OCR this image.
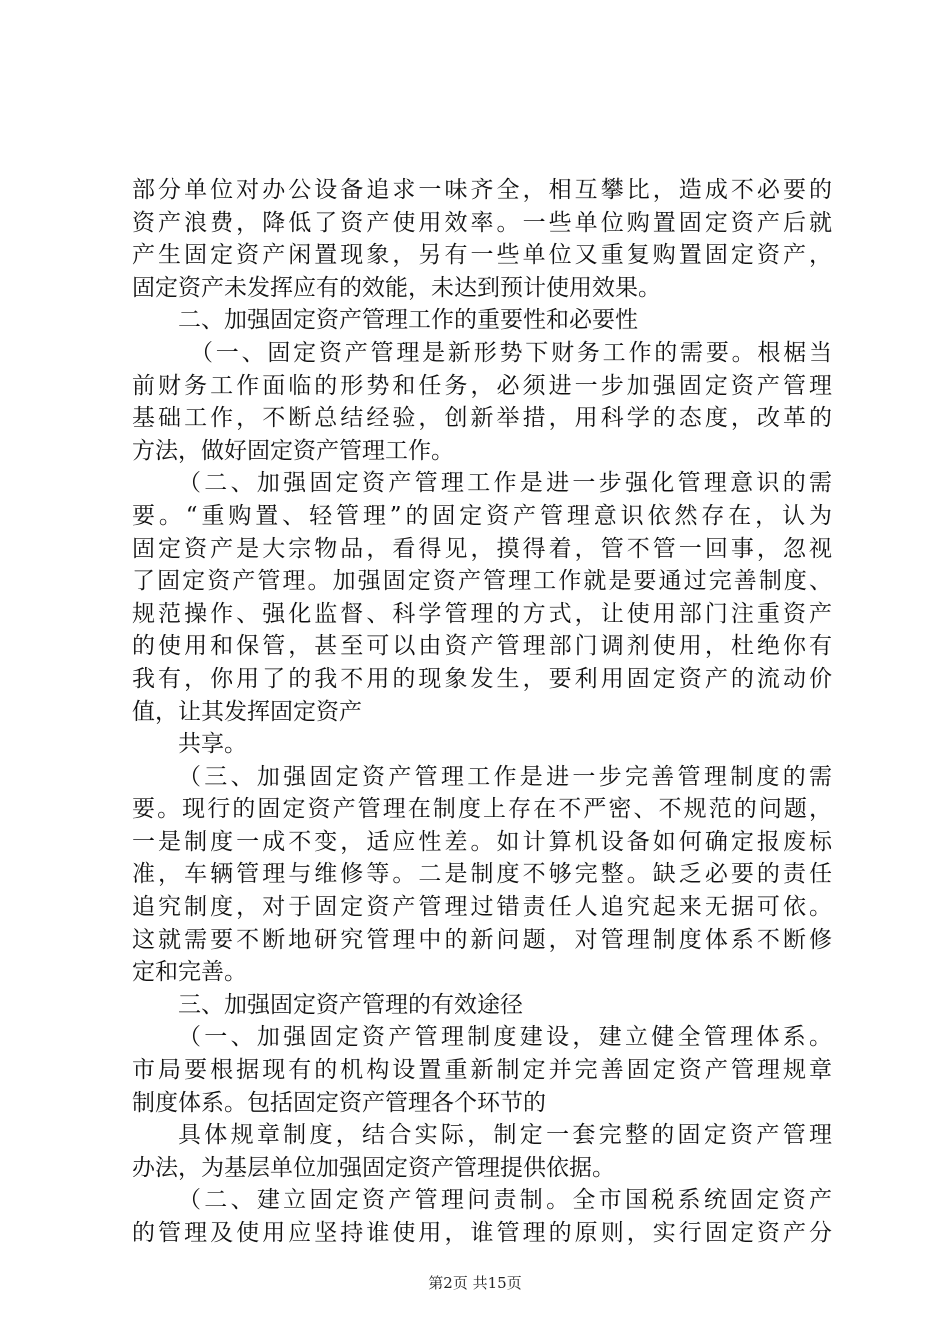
部分单位对办公设备追求一味齐全，相互攀比，造成不必要的
资产浪费，降低了资产使用效率。一些单位购置固定资产后就
产生固定资产闲置现象，另有一些单位又重复购置固定资产，
固定资产未发挥应有的效能，未达到预计使用效果。
二、加强固定资产管理工作的重要性和必要性
（一、固定资产管理是新形势下财务工作的需要。根椐当
前财务工作面临的形势和任务，必须进一步加强固定资产管理
基础工作，不断总结经验，创新举措，用科学的态度，改革的
方法，做好固定资产管理工作。
（二、加强固定资产管理工作是进一步强化管理意识的需
要。“重购置、轻管理”的固定资产管理意识依然存在，认为
固定资产是大宗物品，看得见，摸得着，管不管一回事，忽视
了固定资产管理。加强固定资产管理工作就是要通过完善制度、
规范操作、强化监督、科学管理的方式，让使用部门注重资产
的使用和保管，甚至可以由资产管理部门调剂使用，杜绝你有
我有，你用了的我不用的现象发生，要利用固定资产的流动价
值，让其发挥固定资产
共享。
（三、加强固定资产管理工作是进一步完善管理制度的需
要。现行的固定资产管理在制度上存在不严密、不规范的问题，
一是制度一成不变，适应性差。如计算机设备如何确定报废标
准，车辆管理与维修等。二是制度不够完整。缺乏必要的责任
追究制度，对于固定资产管理过错责任人追究起来无据可依。
这就需要不断地研究管理中的新问题，对管理制度体系不断修
定和完善。
三、加强固定资产管理的有效途径
（一、加强固定资产管理制度建设，建立健全管理体系。
市局要根据现有的机构设置重新制定并完善固定资产管理规章
制度体系。包括固定资产管理各个环节的
具体规章制度，结合实际，制定一套完整的固定资产管理
办法，为基层单位加强固定资产管理提供依据。
（二、建立固定资产管理问责制。全市国税系统固定资产
的管理及使用应坚持谁使用，谁管理的原则，实行固定资产分
第2页 共15页
